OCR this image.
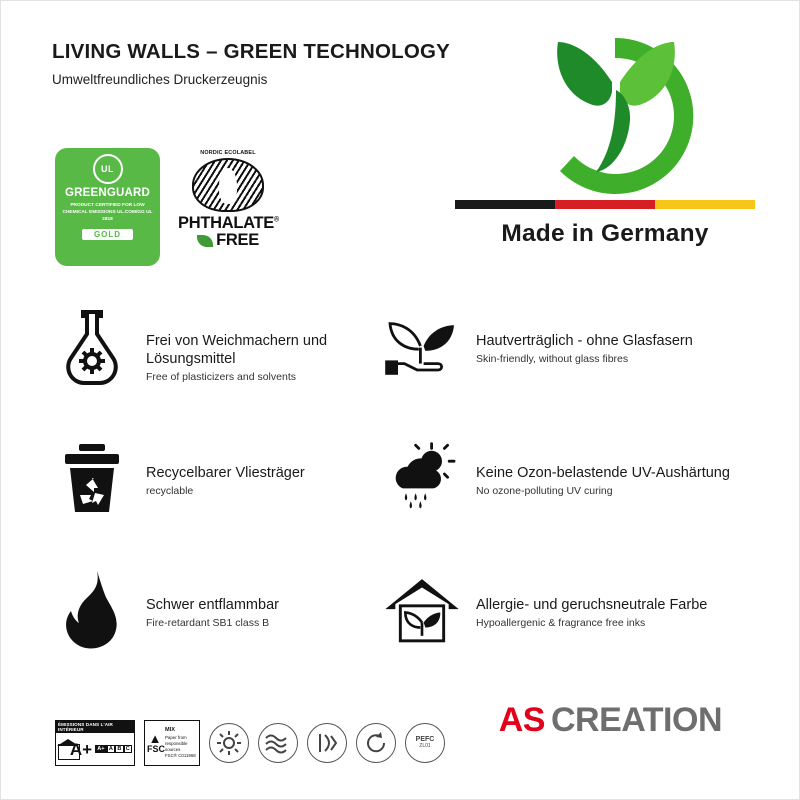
LIVING WALLS – GREEN TECHNOLOGY

Umweltfreundliches Druckerzeugnis

UL
GREENGUARD
PRODUCT CERTIFIED FOR LOW CHEMICAL EMISSIONS UL.COM/GG UL 2818
GOLD
NORDIC ECOLABEL
PHTHALATE®
FREE	Made in Germany
Frei von Weichmachern und Lösungsmittel
Free of plasticizers and solvents
Hautverträglich - ohne Glasfasern
Skin-friendly, without glass fibres
Recycelbarer Vliesträger
recyclable
Keine Ozon-belastende UV-Aushärtung
No ozone-polluting UV curing
Schwer entflammbar
Fire-retardant SB1 class B
Allergie- und geruchsneutrale Farbe
Hypoallergenic & fragrance free inks
ÉMISSIONS DANS L'AIR INTÉRIEUR
A+ A+ A B C
▲
FSC
MIX
Paper from responsible sources
FSC® C011968
PEFC
ZL01
AS CREATION
